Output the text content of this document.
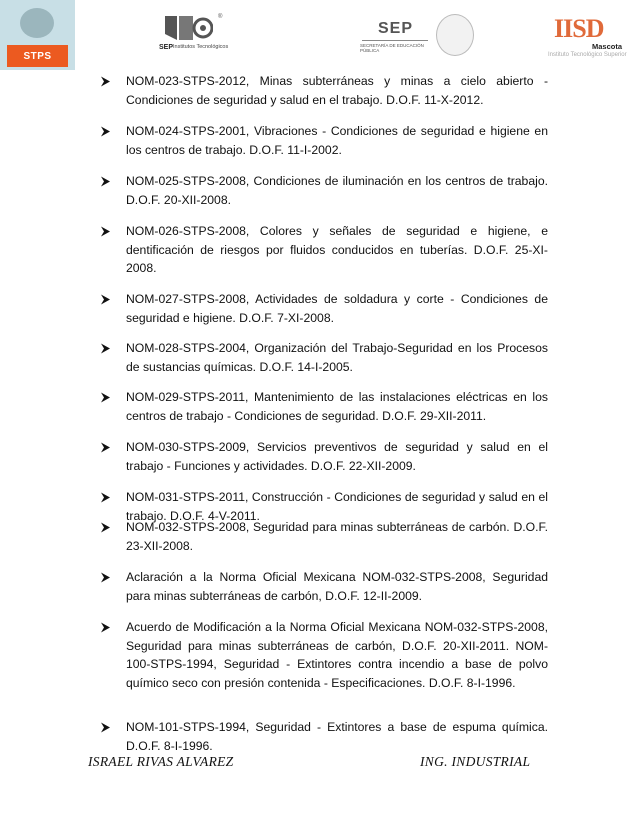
STPS
®
SEP Institutos Tecnológicos
SEP
SECRETARÍA DE EDUCACIÓN PÚBLICA
IISD
Mascota
Instituto Tecnológico Superior
NOM-023-STPS-2012, Minas subterráneas y minas a cielo abierto - Condiciones de seguridad y salud en el trabajo. D.O.F. 11-X-2012.
NOM-024-STPS-2001, Vibraciones - Condiciones de seguridad e higiene en los centros de trabajo. D.O.F. 11-I-2002.
NOM-025-STPS-2008, Condiciones de iluminación en los centros de trabajo. D.O.F. 20-XII-2008.
NOM-026-STPS-2008, Colores y señales de seguridad e higiene, e dentificación de riesgos por fluidos conducidos en tuberías. D.O.F. 25-XI-2008.
NOM-027-STPS-2008, Actividades de soldadura y corte - Condiciones de seguridad e higiene. D.O.F. 7-XI-2008.
NOM-028-STPS-2004, Organización del Trabajo-Seguridad en los Procesos de sustancias químicas. D.O.F. 14-I-2005.
NOM-029-STPS-2011, Mantenimiento de las instalaciones eléctricas en los centros de trabajo - Condiciones de seguridad. D.O.F. 29-XII-2011.
NOM-030-STPS-2009, Servicios preventivos de seguridad y salud en el trabajo - Funciones y actividades. D.O.F. 22-XII-2009.
NOM-031-STPS-2011, Construcción - Condiciones de seguridad y salud en el trabajo. D.O.F. 4-V-2011.
NOM-032-STPS-2008, Seguridad para minas subterráneas de carbón. D.O.F. 23-XII-2008.
Aclaración a la Norma Oficial Mexicana NOM-032-STPS-2008, Seguridad para minas subterráneas de carbón, D.O.F. 12-II-2009.
Acuerdo de Modificación a la Norma Oficial Mexicana NOM-032-STPS-2008, Seguridad para minas subterráneas de carbón, D.O.F. 20-XII-2011. NOM-100-STPS-1994, Seguridad - Extintores contra incendio a base de polvo químico seco con presión contenida - Especificaciones. D.O.F. 8-I-1996.
NOM-101-STPS-1994, Seguridad - Extintores a base de espuma química. D.O.F. 8-I-1996.
ISRAEL RIVAS ALVAREZ	ING. INDUSTRIAL
